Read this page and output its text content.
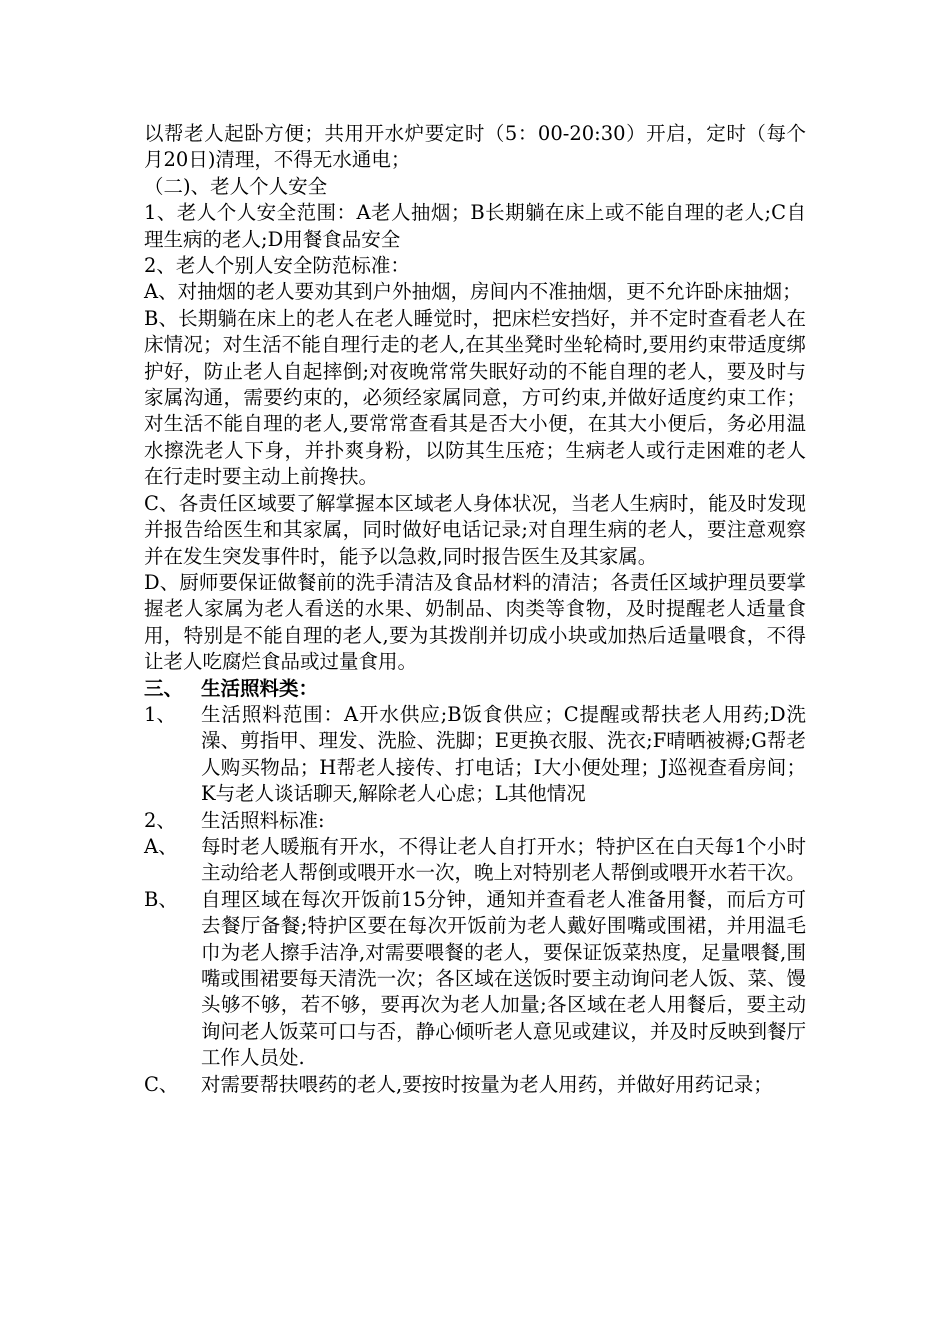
以帮老人起卧方便；共用开水炉要定时（5：00-20:30）开启，定时（每个月20日)清理，不得无水通电；

（二)、老人个人安全

1、老人个人安全范围：A老人抽烟；B长期躺在床上或不能自理的老人;C自理生病的老人;D用餐食品安全

2、老人个别人安全防范标准：

A、对抽烟的老人要劝其到户外抽烟，房间内不准抽烟，更不允许卧床抽烟；

B、长期躺在床上的老人在老人睡觉时，把床栏安挡好，并不定时查看老人在床情况；对生活不能自理行走的老人,在其坐凳时坐轮椅时,要用约束带适度绑护好，防止老人自起摔倒;对夜晚常常失眠好动的不能自理的老人，要及时与家属沟通，需要约束的，必须经家属同意，方可约束,并做好适度约束工作；对生活不能自理的老人,要常常查看其是否大小便，在其大小便后，务必用温水擦洗老人下身，并扑爽身粉，以防其生压疮；生病老人或行走困难的老人在行走时要主动上前搀扶。

C、各责任区域要了解掌握本区域老人身体状况，当老人生病时，能及时发现并报告给医生和其家属，同时做好电话记录;对自理生病的老人，要注意观察并在发生突发事件时，能予以急救,同时报告医生及其家属。

D、厨师要保证做餐前的洗手清洁及食品材料的清洁；各责任区域护理员要掌握老人家属为老人看送的水果、奶制品、肉类等食物，及时提醒老人适量食用，特别是不能自理的老人,要为其拨削并切成小块或加热后适量喂食，不得让老人吃腐烂食品或过量食用。

三、 生活照料类：
1、	生活照料范围：A开水供应;B饭食供应；C提醒或帮扶老人用药;D洗澡、剪指甲、理发、洗脸、洗脚；E更换衣服、洗衣;F晴晒被褥;G帮老人购买物品；H帮老人接传、打电话；I大小便处理；J巡视查看房间；K与老人谈话聊天,解除老人心虑；L其他情况
2、	生活照料标准:
A、	每时老人暖瓶有开水，不得让老人自打开水；特护区在白天每1个小时主动给老人帮倒或喂开水一次，晚上对特别老人帮倒或喂开水若干次。
B、	自理区域在每次开饭前15分钟，通知并查看老人准备用餐，而后方可去餐厅备餐;特护区要在每次开饭前为老人戴好围嘴或围裙，并用温毛巾为老人擦手洁净,对需要喂餐的老人，要保证饭菜热度，足量喂餐,围嘴或围裙要每天清洗一次；各区域在送饭时要主动询问老人饭、菜、馒头够不够，若不够，要再次为老人加量;各区域在老人用餐后，要主动询问老人饭菜可口与否，静心倾听老人意见或建议，并及时反映到餐厅工作人员处.
C、	对需要帮扶喂药的老人,要按时按量为老人用药，并做好用药记录；
